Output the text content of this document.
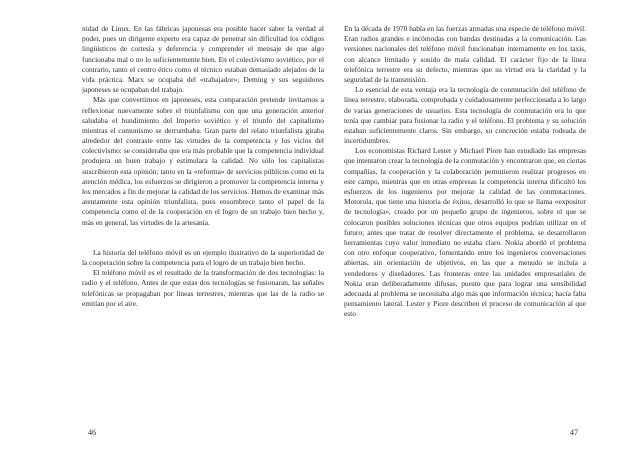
nidad de Linux. En las fábricas japonesas era posible hacer saber la verdad al poder, pues un dirigente experto era capaz de penetrar sin dificultad los códigos lingüísticos de cortesía y deferencia y comprender el mensaje de que algo funcionaba mal o no lo suficientemente bien. En el colectivismo soviético, por el contrario, tanto el centro ético como el técnico estaban demasiado alejados de la vida práctica. Marx se ocupaba del «trabajador»; Deming y sus seguidores japoneses se ocupaban del trabajo.

Más que convertirnos en japoneses, esta comparación pretende invitarnos a reflexionar nuevamente sobre el triunfalismo con que una generación anterior saludaba el hundimiento del Imperio soviético y el triunfo del capitalismo mientras el comunismo se derrumbaba. Gran parte del relato triunfalista giraba alrededor del contraste entre las virtudes de la competencia y los vicios del colectivismo: se consideraba que era más probable que la competencia individual produjera un buen trabajo y estimulara la calidad. No sólo los capitalistas suscribieron esta opinión; tanto en la «reforma» de servicios públicos como en la atención médica, los esfuerzos se dirigieron a promover la competencia interna y los mercados a fin de mejorar la calidad de los servicios. Hemos de examinar más atentamente esta opinión triunfalista, pues ensombrece tanto el papel de la competencia como el de la cooperación en el logro de un trabajo bien hecho y, más en general, las virtudes de la artesanía.

La historia del teléfono móvil es un ejemplo ilustrativo de la superioridad de la cooperación sobre la competencia para el logro de un trabajo bien hecho.

El teléfono móvil es el resultado de la transformación de dos tecnologías: la radio y el teléfono. Antes de que estas dos tecnologías se fusionaran, las señales telefónicas se propagaban por líneas terrestres, mientras que las de la radio se emitían por el aire.

46

En la década de 1970 había en las fuerzas armadas una especie de teléfono móvil. Eran radios grandes e incómodas con bandas destinadas a la comunicación. Las versiones nacionales del teléfono móvil funcionaban internamente en los taxis, con alcance limitado y sonido de mala calidad. El carácter fijo de la línea telefónica terrestre era su defecto, mientras que su virtud era la claridad y la seguridad de la transmisión.

Lo esencial de esta ventaja era la tecnología de conmutación del teléfono de línea terrestre, elaborada, comprobada y cuidadosamente perfeccionada a lo largo de varias generaciones de usuarios. Esta tecnología de conmutación era lo que tenía que cambiar para fusionar la radio y el teléfono. El problema y su solución estaban suficientemente claros. Sin embargo, su concreción estaba rodeada de incertidumbres.

Los economistas Richard Lester y Michael Piore han estudiado las empresas que intentaron crear la tecnología de la conmutación y encontraron que, en ciertas compañías, la cooperación y la colaboración permitieron realizar progresos en este campo, mientras que en otras empresas la competencia interna dificultó los esfuerzos de los ingenieros por mejorar la calidad de las conmutaciones. Motorola, que tiene una historia de éxitos, desarrolló lo que se llama «expositor de tecnología», creado por un pequeño grupo de ingenieros, sobre el que se colocaron posibles soluciones técnicas que otros equipos podrían utilizar en el futuro; antes que tratar de resolver directamente el problema, se desarrollaron herramientas cuyo valor inmediato no estaba claro. Nokia abordó el problema con otro enfoque cooperativo, fomentando entre los ingenieros conversaciones abiertas, sin orientación de objetivos, en las que a menudo se incluía a vendedores y diseñadores. Las fronteras entre las unidades empresariales de Nokia eran deliberadamente difusas, puesto que para lograr una sensibilidad adecuada al problema se necesitaba algo más que información técnica; hacía falta pensamiento lateral. Lester y Piore describen el proceso de comunicación al que esto

47
